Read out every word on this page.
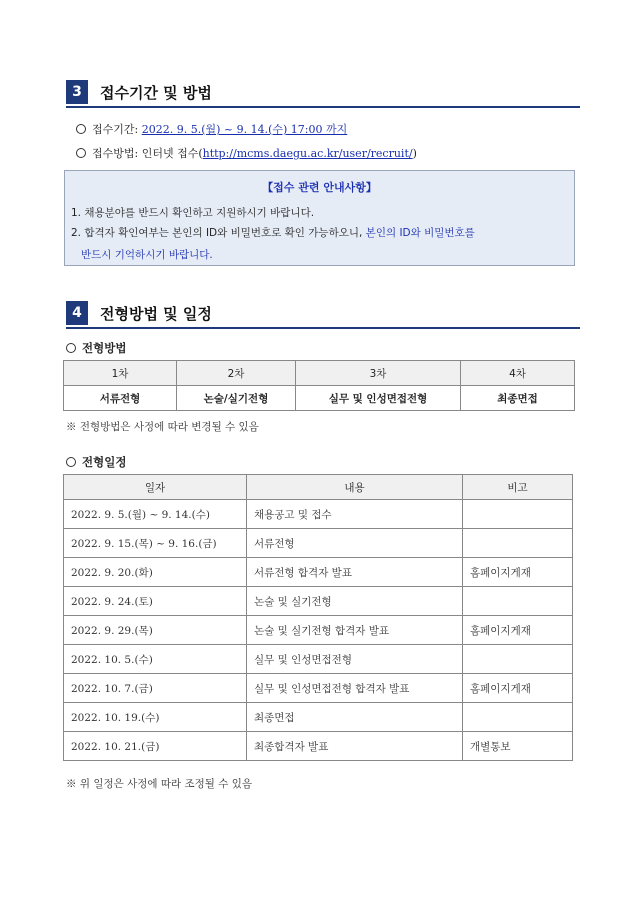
3	접수기간 및 방법
접수기간: 2022. 9. 5.(월) ~ 9. 14.(수) 17:00 까지
접수방법: 인터넷 접수(http://mcms.daegu.ac.kr/user/recruit/)
【접수 관련 안내사항】

1. 채용분야를 반드시 확인하고 지원하시기 바랍니다.

2. 합격자 확인여부는 본인의 ID와 비밀번호로 확인 가능하오니, 본인의 ID와 비밀번호를

반드시 기억하시기 바랍니다.

4	전형방법 및 일정
전형방법
1차	2차	3차	4차
서류전형	논술/실기전형	실무 및 인성면접전형	최종면접
※ 전형방법은 사정에 따라 변경될 수 있음
전형일정
일자	내용	비고
2022. 9. 5.(월) ~ 9. 14.(수)	채용공고 및 접수	
2022. 9. 15.(목) ~ 9. 16.(금)	서류전형	
2022. 9. 20.(화)	서류전형 합격자 발표	홈페이지게재
2022. 9. 24.(토)	논술 및 실기전형	
2022. 9. 29.(목)	논술 및 실기전형 합격자 발표	홈페이지게재
2022. 10. 5.(수)	실무 및 인성면접전형	
2022. 10. 7.(금)	실무 및 인성면접전형 합격자 발표	홈페이지게재
2022. 10. 19.(수)	최종면접	
2022. 10. 21.(금)	최종합격자 발표	개별통보
※ 위 일정은 사정에 따라 조정될 수 있음
